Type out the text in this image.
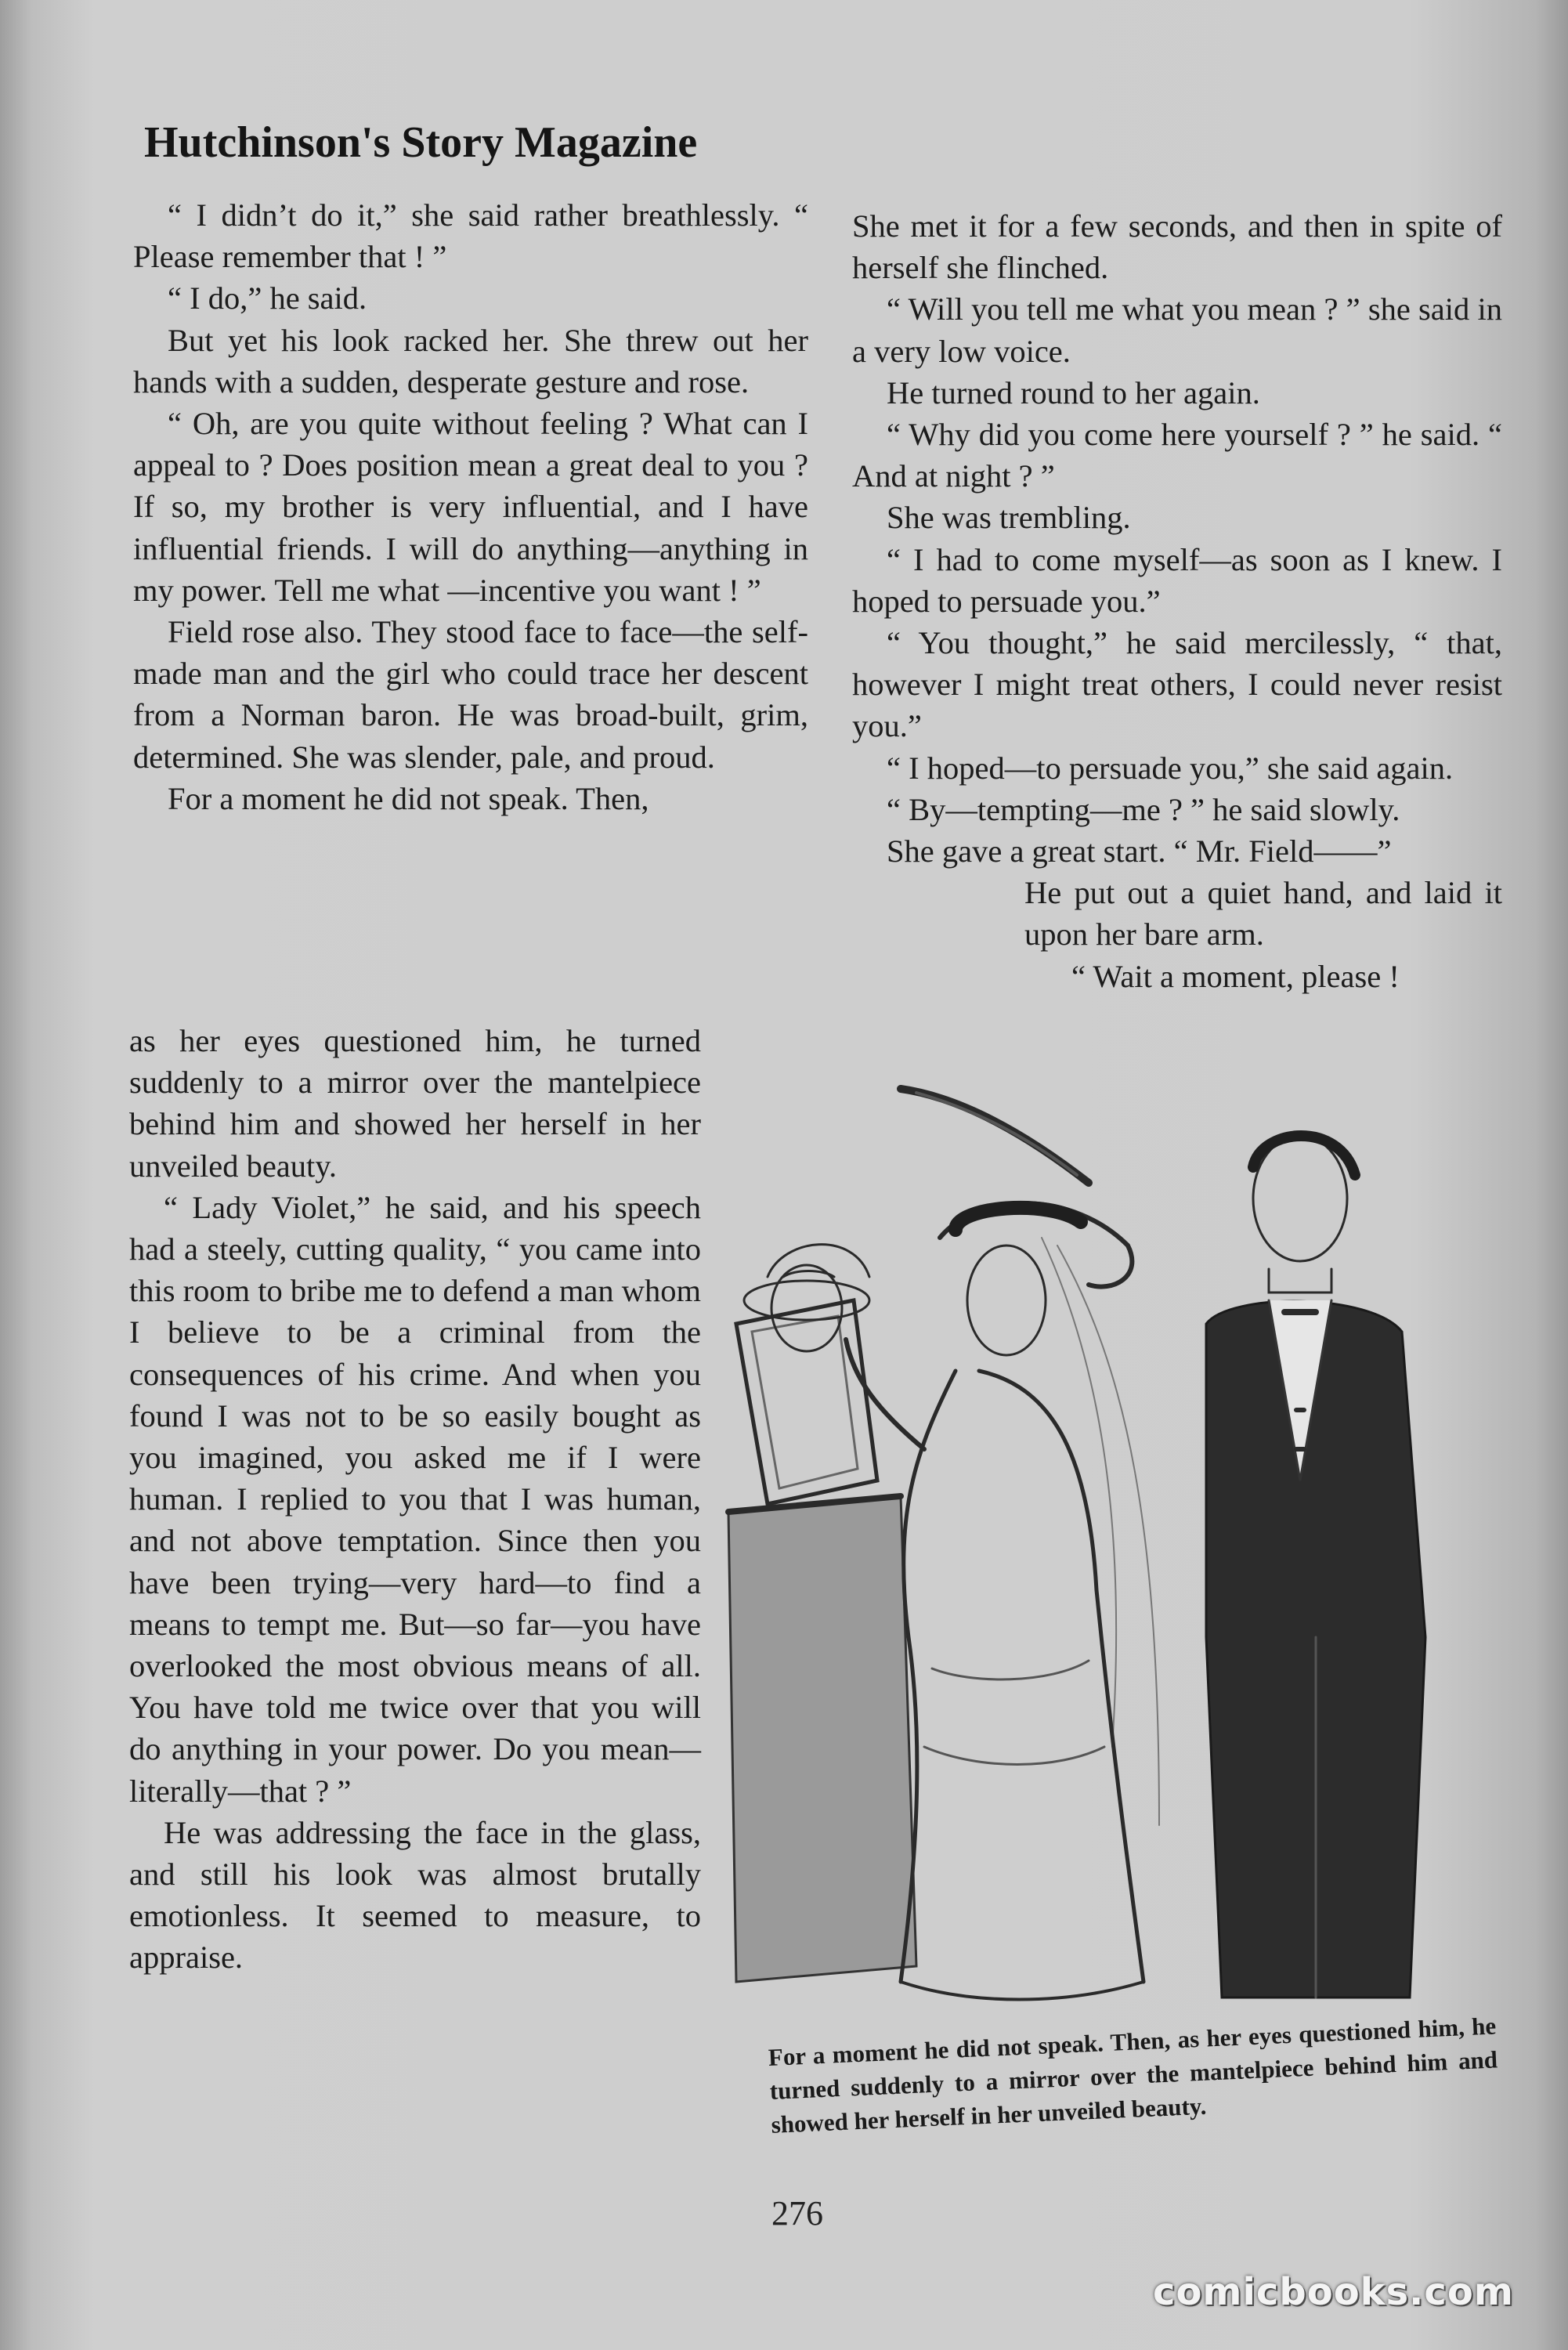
Hutchinson's Story Magazine

“ I didn’t do it,” she said rather breathlessly. “ Please remember that ! ”

“ I do,” he said.

But yet his look racked her. She threw out her hands with a sudden, desperate gesture and rose.

“ Oh, are you quite without feeling ? What can I appeal to ? Does position mean a great deal to you ? If so, my brother is very influential, and I have influential friends. I will do anything—anything in my power. Tell me what —incentive you want ! ”

Field rose also. They stood face to face—the self-made man and the girl who could trace her descent from a Norman baron. He was broad-built, grim, determined. She was slender, pale, and proud.

For a moment he did not speak. Then,

as her eyes questioned him, he turned suddenly to a mirror over the mantelpiece behind him and showed her herself in her unveiled beauty.

“ Lady Violet,” he said, and his speech had a steely, cutting quality, “ you came into this room to bribe me to defend a man whom I believe to be a criminal from the consequences of his crime. And when you found I was not to be so easily bought as you imagined, you asked me if I were human. I replied to you that I was human, and not above temptation. Since then you have been trying—very hard—to find a means to tempt me. But—so far—you have overlooked the most obvious means of all. You have told me twice over that you will do anything in your power. Do you mean—literally—that ? ”

He was addressing the face in the glass, and still his look was almost brutally emotionless. It seemed to measure, to appraise.

She met it for a few seconds, and then in spite of herself she flinched.

“ Will you tell me what you mean ? ” she said in a very low voice.

He turned round to her again.

“ Why did you come here yourself ? ” he said. “ And at night ? ”

She was trembling.

“ I had to come myself—as soon as I knew. I hoped to persuade you.”

“ You thought,” he said mercilessly, “ that, however I might treat others, I could never resist you.”

“ I hoped—to persuade you,” she said again.

“ By—tempting—me ? ” he said slowly.

She gave a great start. “ Mr. Field——”

He put out a quiet hand, and laid it upon her bare arm.

“ Wait a moment, please !

For a moment he did not speak. Then, as her eyes questioned him, he turned suddenly to a mirror over the mantelpiece behind him and showed her herself in her unveiled beauty.
276
comicbooks.com
